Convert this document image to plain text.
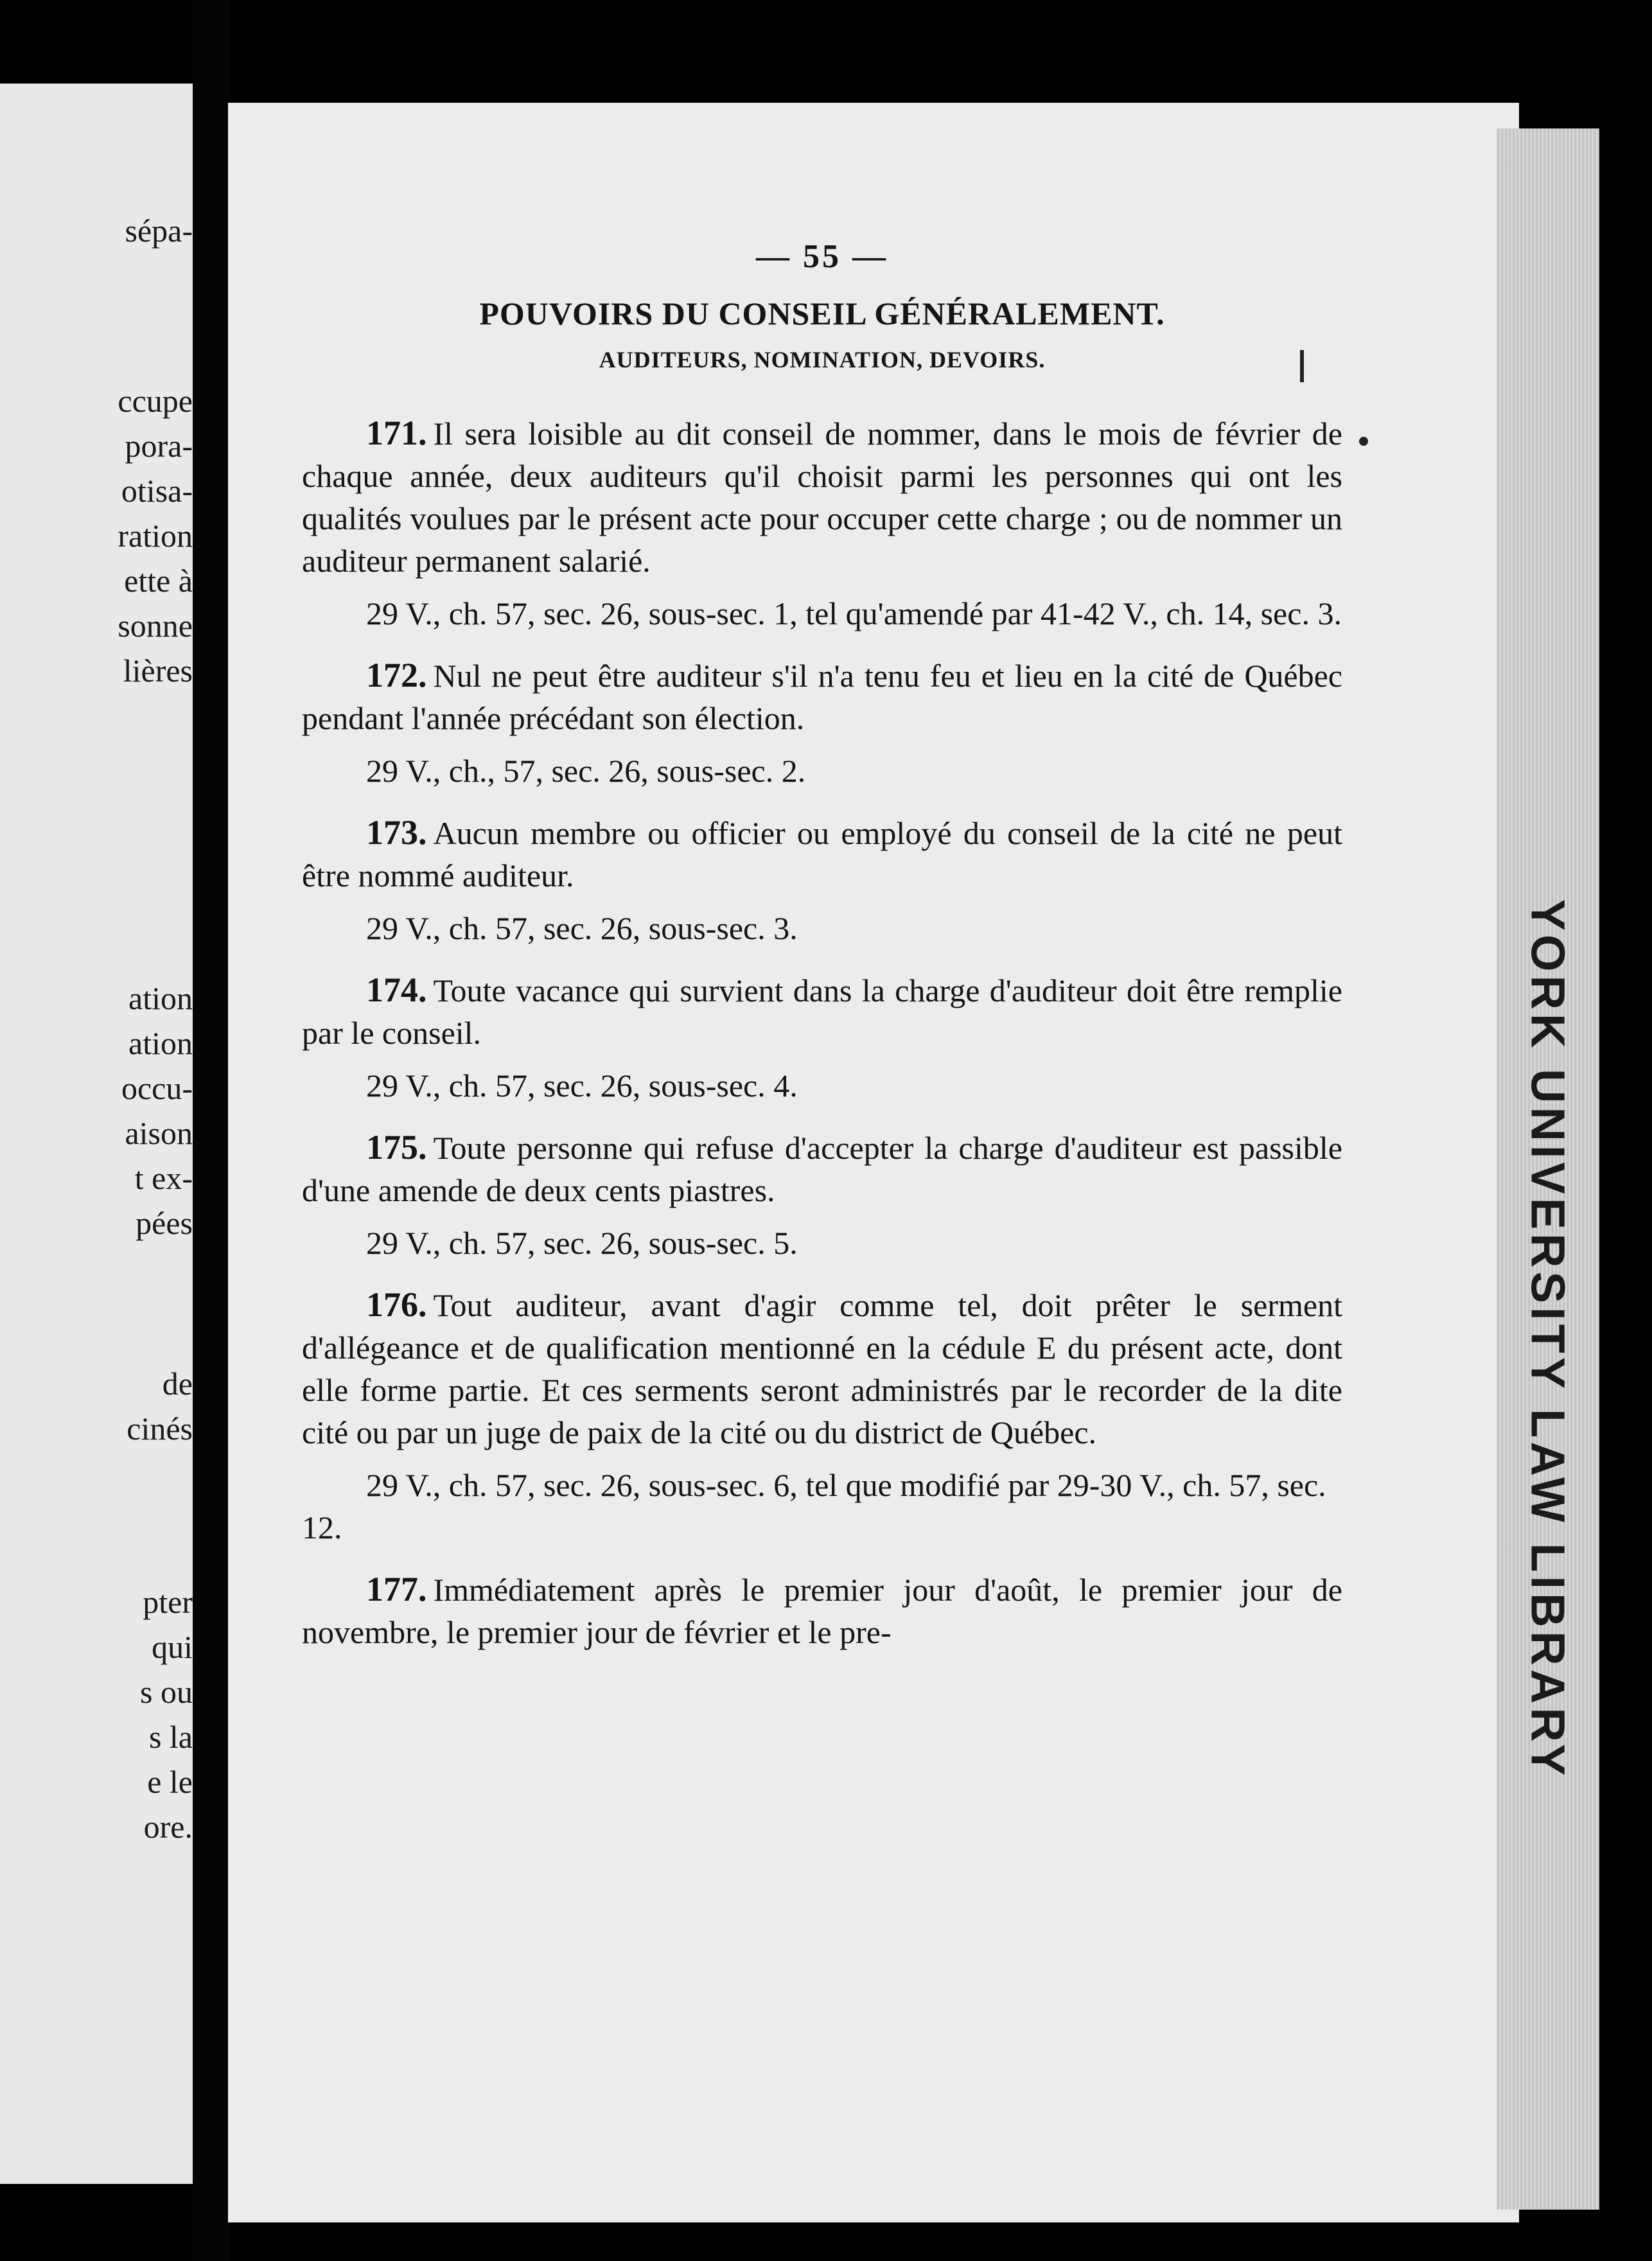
sépa-
ccupe
pora-
otisa-
ration
ette à
sonne
lières
ation
ation
occu-
aison
t ex-
pées
de
cinés
pter
qui
s ou
s la
e le
ore.
— 55 —
POUVOIRS DU CONSEIL GÉNÉRALEMENT.
AUDITEURS, NOMINATION, DEVOIRS.

171. Il sera loisible au dit conseil de nommer, dans le mois de février de chaque année, deux auditeurs qu'il choisit parmi les personnes qui ont les qualités voulues par le présent acte pour occuper cette charge ; ou de nommer un auditeur permanent salarié.

29 V., ch. 57, sec. 26, sous-sec. 1, tel qu'amendé par 41-42 V., ch. 14, sec. 3.

172. Nul ne peut être auditeur s'il n'a tenu feu et lieu en la cité de Québec pendant l'année précédant son élection.

29 V., ch., 57, sec. 26, sous-sec. 2.

173. Aucun membre ou officier ou employé du conseil de la cité ne peut être nommé auditeur.

29 V., ch. 57, sec. 26, sous-sec. 3.

174. Toute vacance qui survient dans la charge d'auditeur doit être remplie par le conseil.

29 V., ch. 57, sec. 26, sous-sec. 4.

175. Toute personne qui refuse d'accepter la charge d'auditeur est passible d'une amende de deux cents piastres.

29 V., ch. 57, sec. 26, sous-sec. 5.

176. Tout auditeur, avant d'agir comme tel, doit prêter le serment d'allégeance et de qualification mentionné en la cédule E du présent acte, dont elle forme partie. Et ces serments seront administrés par le recorder de la dite cité ou par un juge de paix de la cité ou du district de Québec.

29 V., ch. 57, sec. 26, sous-sec. 6, tel que modifié par 29-30 V., ch. 57, sec. 12.

177. Immédiatement après le premier jour d'août, le premier jour de novembre, le premier jour de février et le pre-	YORK UNIVERSITY LAW LIBRARY
